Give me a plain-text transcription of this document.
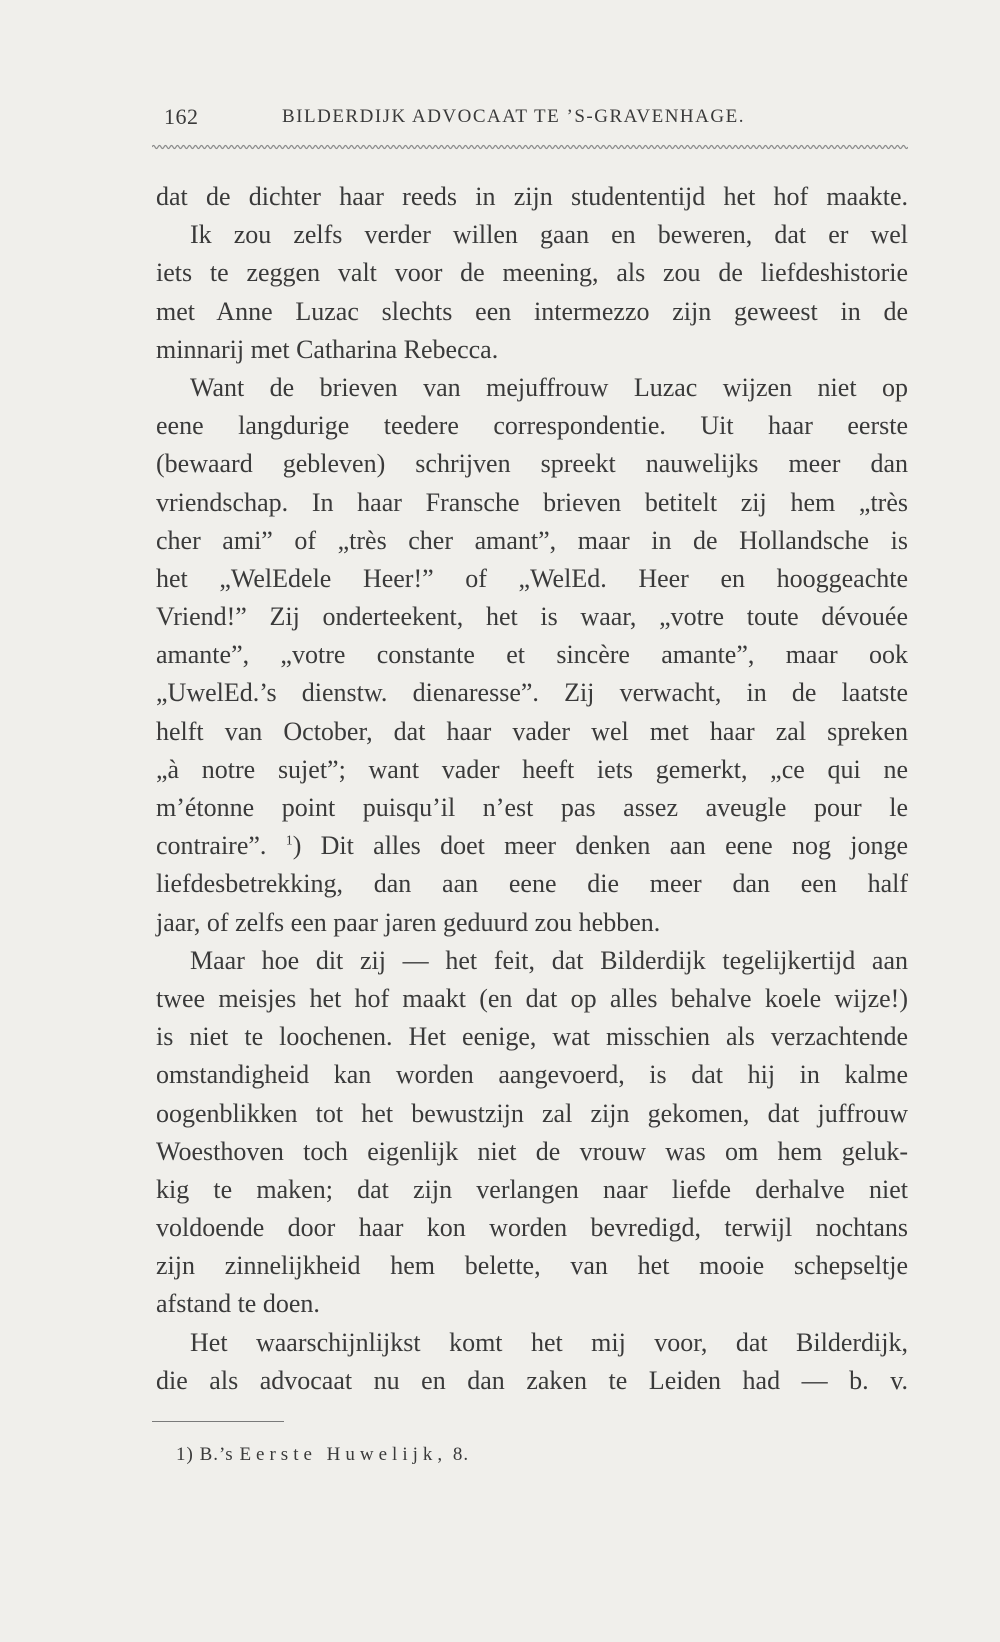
162	BILDERDIJK ADVOCAAT TE ’S-GRAVENHAGE.
dat de dichter haar reeds in zijn studententijd het hof maakte.
Ik zou zelfs verder willen gaan en beweren, dat er wel
iets te zeggen valt voor de meening, als zou de liefdeshistorie
met Anne Luzac slechts een intermezzo zijn geweest in de
minnarij met Catharina Rebecca.
Want de brieven van mejuffrouw Luzac wijzen niet op
eene langdurige teedere correspondentie. Uit haar eerste
(bewaard gebleven) schrijven spreekt nauwelijks meer dan
vriendschap. In haar Fransche brieven betitelt zij hem „très
cher ami” of „très cher amant”, maar in de Hollandsche is
het „WelEdele Heer!” of „WelEd. Heer en hooggeachte
Vriend!” Zij onderteekent, het is waar, „votre toute dévouée
amante”, „votre constante et sincère amante”, maar ook
„UwelEd.’s dienstw. dienaresse”. Zij verwacht, in de laatste
helft van October, dat haar vader wel met haar zal spreken
„à notre sujet”; want vader heeft iets gemerkt, „ce qui ne
m’étonne point puisqu’il n’est pas assez aveugle pour le
contraire”. $^1$) Dit alles doet meer denken aan eene nog jonge
liefdesbetrekking, dan aan eene die meer dan een half
jaar, of zelfs een paar jaren geduurd zou hebben.
Maar hoe dit zij — het feit, dat Bilderdijk tegelijkertijd aan
twee meisjes het hof maakt (en dat op alles behalve koele wijze!)
is niet te loochenen. Het eenige, wat misschien als verzachtende
omstandigheid kan worden aangevoerd, is dat hij in kalme
oogenblikken tot het bewustzijn zal zijn gekomen, dat juffrouw
Woesthoven toch eigenlijk niet de vrouw was om hem geluk-
kig te maken; dat zijn verlangen naar liefde derhalve niet
voldoende door haar kon worden bevredigd, terwijl nochtans
zijn zinnelijkheid hem belette, van het mooie schepseltje
afstand te doen.
Het waarschijnlijkst komt het mij voor, dat Bilderdijk,
die als advocaat nu en dan zaken te Leiden had — b. v.
1) B.’s Eerste Huwelijk, 8.
